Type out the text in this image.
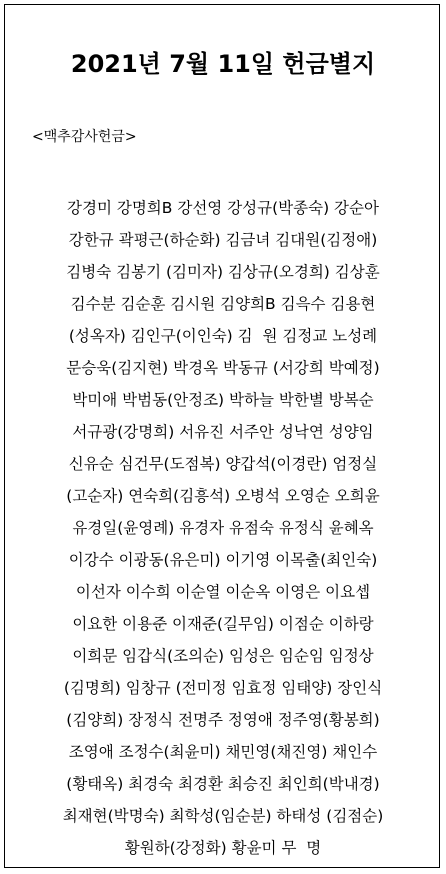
2021년 7월 11일 헌금별지
<맥추감사헌금>
강경미 강명희B 강선영 강성규(박종숙) 강순아
강한규 곽평근(하순화) 김금녀 김대원(김정애)
김병숙 김봉기 (김미자) 김상규(오경희) 김상훈
김수분 김순훈 김시원 김양희B 김윽수 김용현
(성옥자) 김인구(이인숙) 김  원 김정교 노성례
문승욱(김지현) 박경옥 박동규 (서강희 박예정)
박미애 박범동(안정조) 박하늘 박한별 방복순
서규광(강명희) 서유진 서주안 성낙연 성양임
신유순 심건무(도점복) 양갑석(이경란) 엄정실
(고순자) 연숙희(김흥석) 오병석 오영순 오희윤
유경일(윤영례) 유경자 유점숙 유정식 윤혜옥
이강수 이광동(유은미) 이기영 이목출(최인숙)
이선자 이수희 이순열 이순옥 이영은 이요셉
이요한 이용준 이재준(길무임) 이점순 이하랑
이희문 임갑식(조의순) 임성은 임순임 임정상
(김명희) 임창규 (전미정 임효정 임태양) 장인식
(김양희) 장정식 전명주 정영애 정주영(황봉희)
조영애 조정수(최윤미) 채민영(채진영) 채인수
(황태옥) 최경숙 최경환 최승진 최인희(박내경)
최재현(박명숙) 최학성(임순분) 하태성 (김점순)
황원하(강정화) 황윤미 무  명
